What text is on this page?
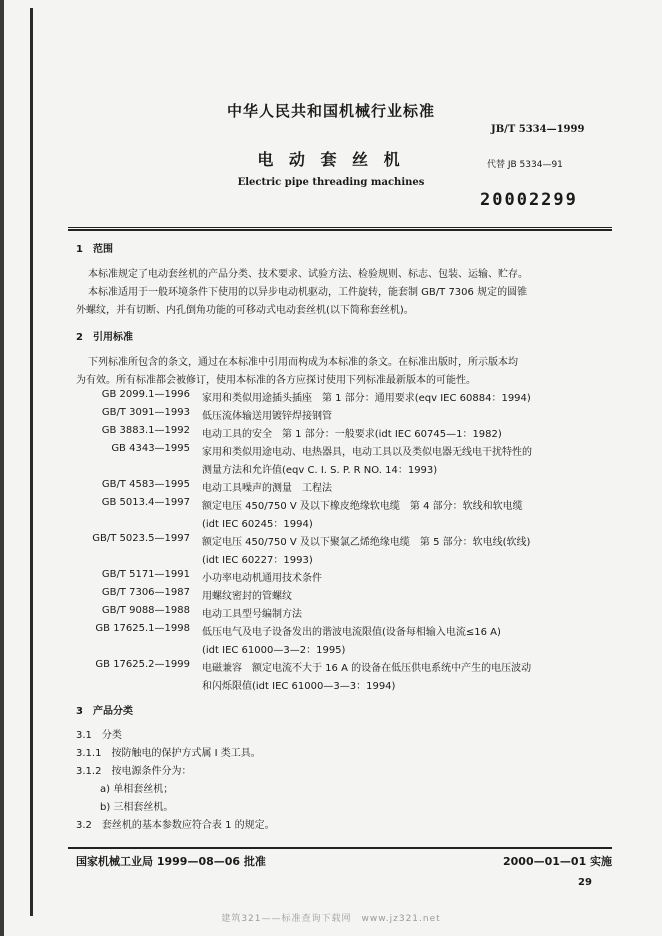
中华人民共和国机械行业标准
JB/T 5334—1999
电 动 套 丝 机	代替 JB 5334—91
Electric pipe threading machines
20002299
1　范围
本标准规定了电动套丝机的产品分类、技术要求、试验方法、检验规则、标志、包装、运输、贮存。
本标准适用于一般环境条件下使用的以异步电动机驱动，工件旋转，能套制 GB/T 7306 规定的圆锥
外螺纹，并有切断、内孔倒角功能的可移动式电动套丝机(以下简称套丝机)。
2　引用标准
下列标准所包含的条文，通过在本标准中引用而构成为本标准的条文。在标准出版时，所示版本均
为有效。所有标准都会被修订，使用本标准的各方应探讨使用下列标准最新版本的可能性。
GB 2099.1—1996 家用和类似用途插头插座　第 1 部分：通用要求(eqv IEC 60884：1994)
GB/T 3091—1993 低压流体输送用镀锌焊接钢管
GB 3883.1—1992 电动工具的安全　第 1 部分：一般要求(idt IEC 60745—1：1982)
GB 4343—1995 家用和类似用途电动、电热器具，电动工具以及类似电器无线电干扰特性的
测量方法和允许值(eqv C. I. S. P. R NO. 14：1993)
GB/T 4583—1995 电动工具噪声的测量　工程法
GB 5013.4—1997 额定电压 450/750 V 及以下橡皮绝缘软电缆　第 4 部分：软线和软电缆
(idt IEC 60245：1994)
GB/T 5023.5—1997 额定电压 450/750 V 及以下聚氯乙烯绝缘电缆　第 5 部分：软电线(软线)
(idt IEC 60227：1993)
GB/T 5171—1991 小功率电动机通用技术条件
GB/T 7306—1987 用螺纹密封的管螺纹
GB/T 9088—1988 电动工具型号编制方法
GB 17625.1—1998 低压电气及电子设备发出的谐波电流限值(设备每相输入电流≤16 A)
(idt IEC 61000—3—2：1995)
GB 17625.2—1999 电磁兼容　额定电流不大于 16 A 的设备在低压供电系统中产生的电压波动
和闪烁限值(idt IEC 61000—3—3：1994)
3　产品分类
3.1　分类
3.1.1　按防触电的保护方式属 Ⅰ 类工具。
3.1.2　按电源条件分为：
a) 单相套丝机；
b) 三相套丝机。
3.2　套丝机的基本参数应符合表 1 的规定。
国家机械工业局 1999—08—06 批准	2000—01—01 实施
29
建筑321——标准查询下载网　www.jz321.net
